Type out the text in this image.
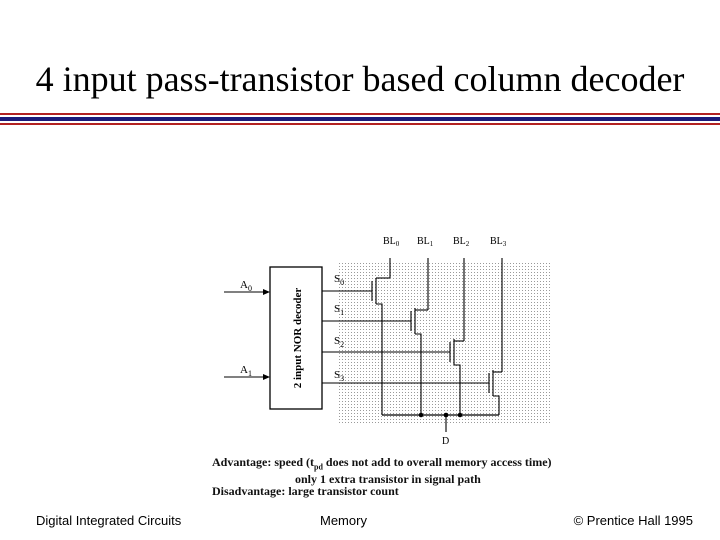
4 input pass-transistor based column decoder
2 input NOR decoder
$A_0$
$A_1$
$S_0$
$S_1$
$S_2$
$S_3$
$BL_0$ $BL_1$ $BL_2$ $BL_3$
D
Advantage: speed ($t_{pd}$ does not add to overall memory access time)
only 1 extra transistor in signal path
Disadvantage: large transistor count
Digital Integrated Circuits	Memory	© Prentice Hall 1995
